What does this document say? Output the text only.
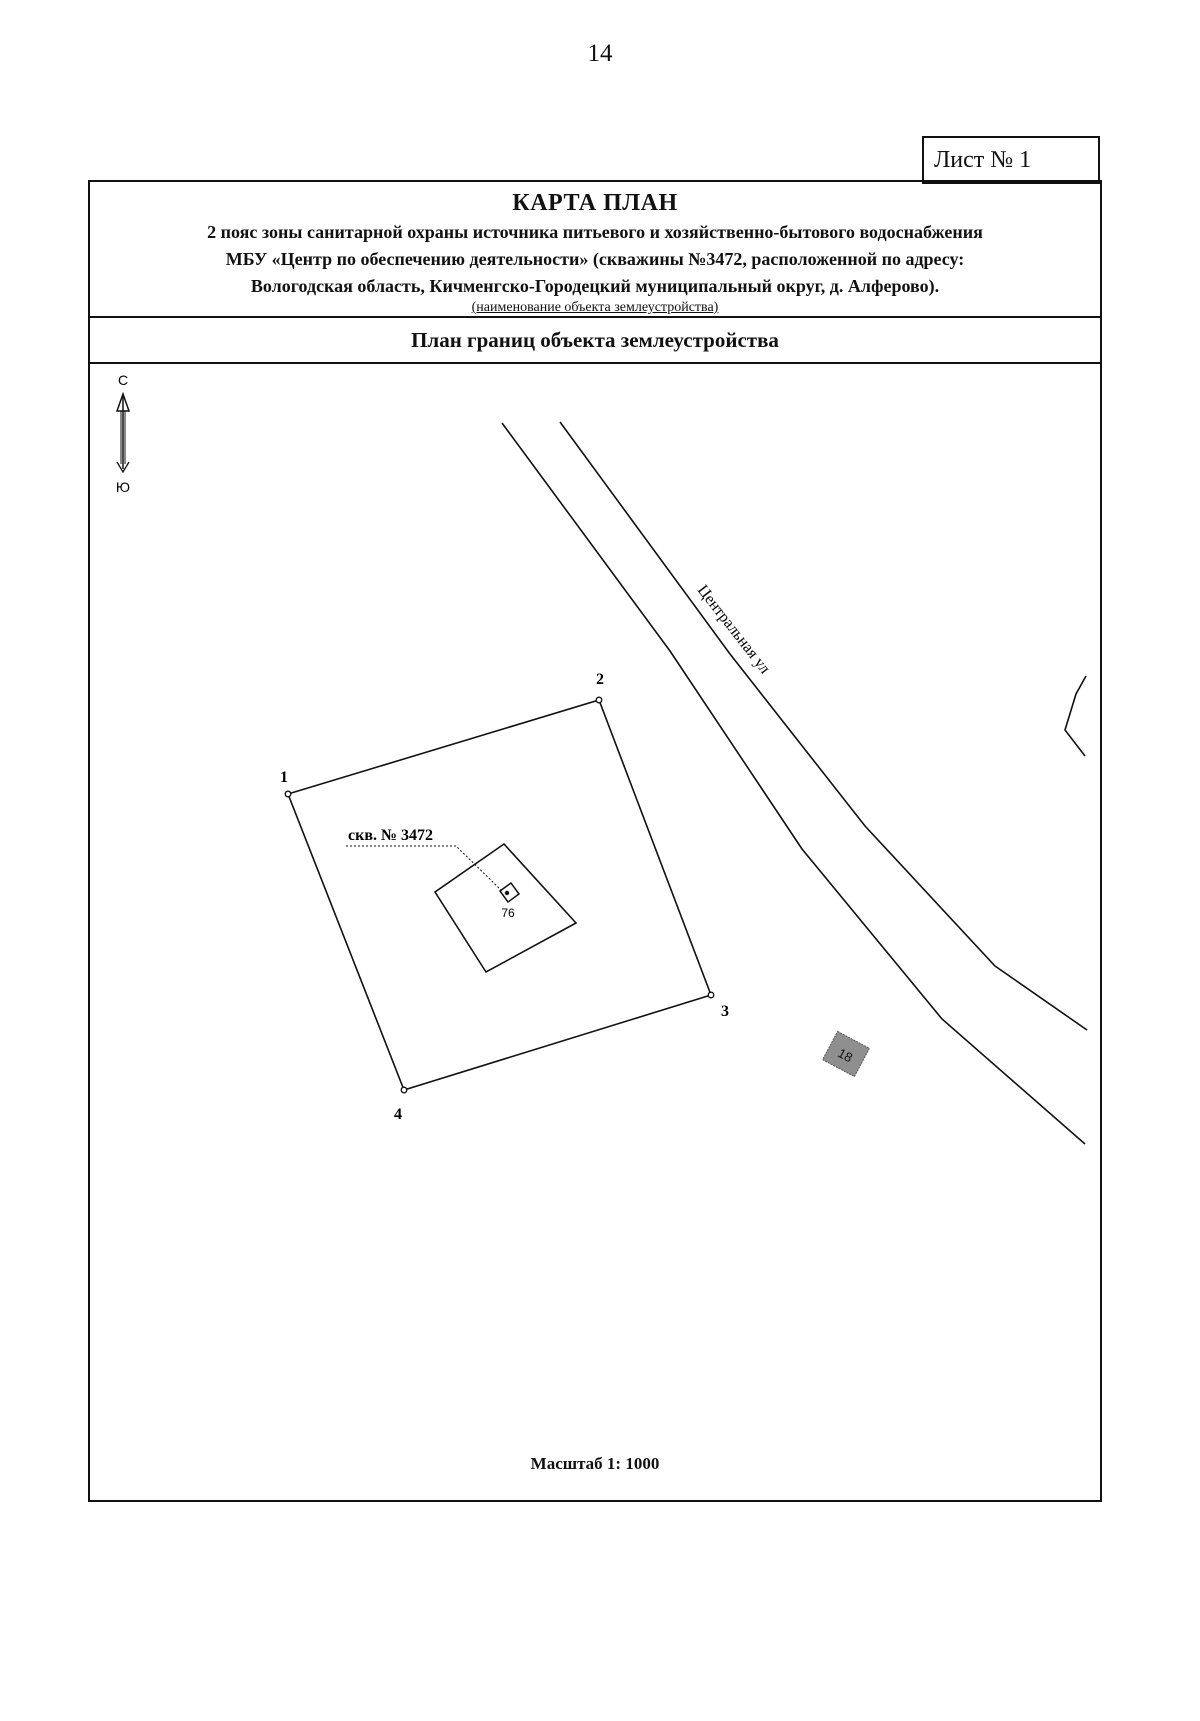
14
Лист № 1
КАРТА ПЛАН
2 пояс зоны санитарной охраны источника питьевого и хозяйственно-бытового водоснабжения
МБУ «Центр по обеспечению деятельности» (скважины №3472, расположенной по адресу:
Вологодская область, Кичменгско-Городецкий муниципальный округ, д. Алферово).
(наименование объекта землеустройства)
План границ объекта землеустройства
С
Ю
Центральная ул
18
1
2
3
4
76
скв. № 3472
Масштаб 1: 1000
